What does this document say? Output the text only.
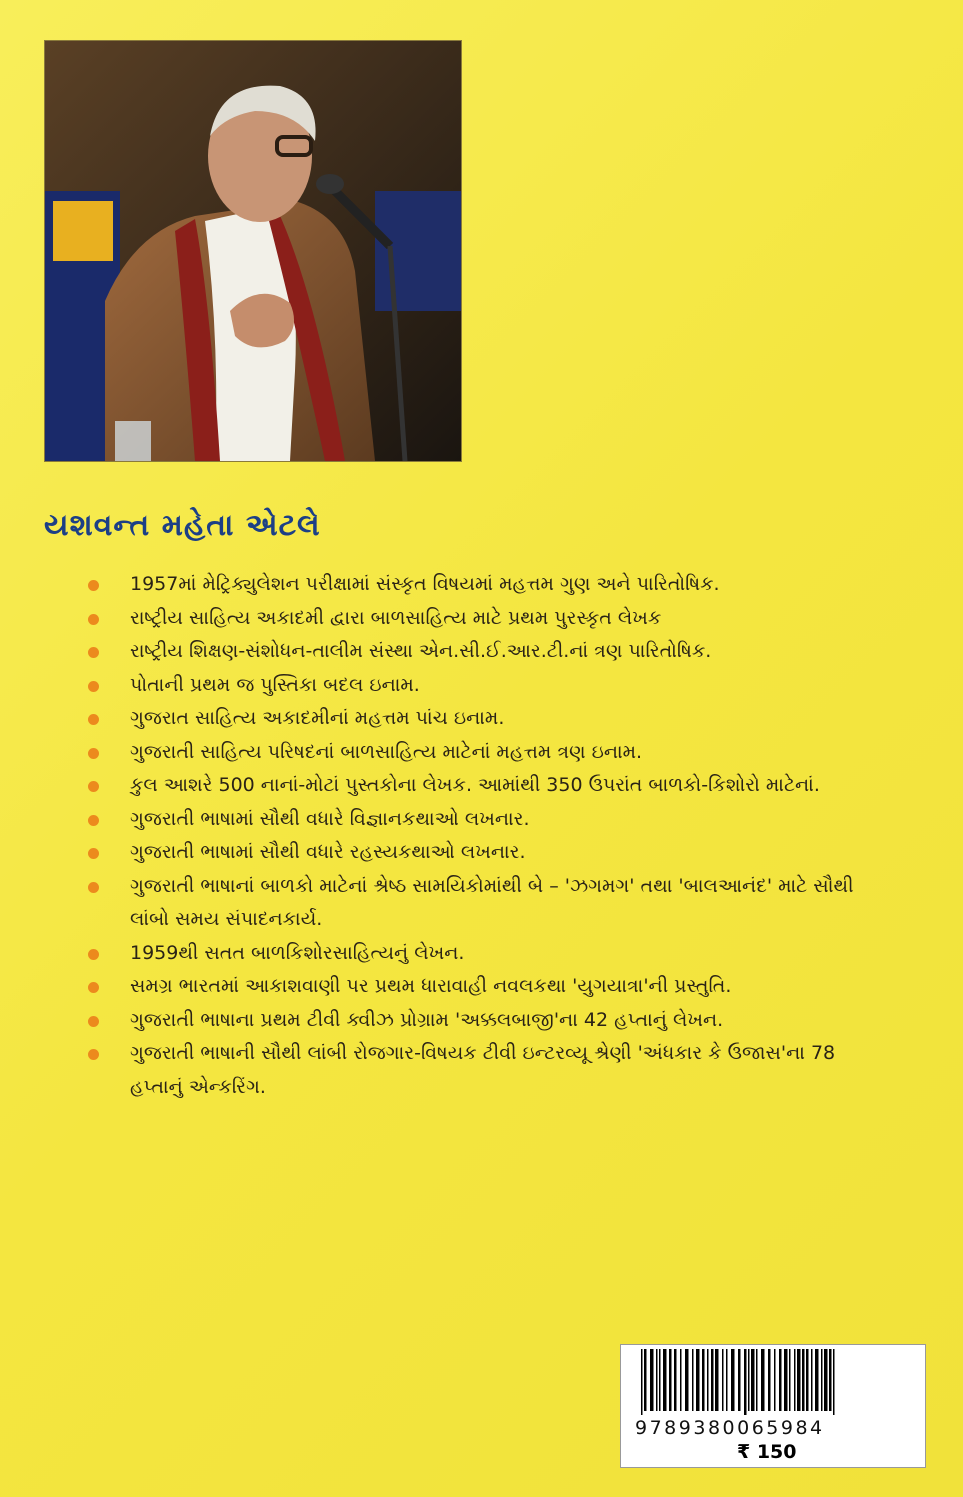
યશવન્ત મહેતા એટલે
1957માં મેટ્રિક્યુલેશન પરીક્ષામાં સંસ્કૃત વિષયમાં મહત્તમ ગુણ અને પારિતોષિક.
રાષ્ટ્રીય સાહિત્ય અકાદમી દ્વારા બાળસાહિત્ય માટે પ્રથમ પુરસ્કૃત લેખક
રાષ્ટ્રીય શિક્ષણ-સંશોધન-તાલીમ સંસ્થા એન.સી.ઈ.આર.ટી.નાં ત્રણ પારિતોષિક.
પોતાની પ્રથમ જ પુસ્તિકા બદલ ઇનામ.
ગુજરાત સાહિત્ય અકાદમીનાં મહત્તમ પાંચ ઇનામ.
ગુજરાતી સાહિત્ય પરિષદનાં બાળસાહિત્ય માટેનાં મહત્તમ ત્રણ ઇનામ.
કુલ આશરે 500 નાનાં-મોટાં પુસ્તકોના લેખક. આમાંથી 350 ઉપરાંત બાળકો-કિશોરો માટેનાં.
ગુજરાતી ભાષામાં સૌથી વધારે વિજ્ઞાનકથાઓ લખનાર.
ગુજરાતી ભાષામાં સૌથી વધારે રહસ્યકથાઓ લખનાર.
ગુજરાતી ભાષાનાં બાળકો માટેનાં શ્રેષ્ઠ સામયિકોમાંથી બે – 'ઝગમગ' તથા 'બાલઆનંદ' માટે સૌથી લાંબો સમય સંપાદનકાર્ય.
1959થી સતત બાળકિશોરસાહિત્યનું લેખન.
સમગ્ર ભારતમાં આકાશવાણી પર પ્રથમ ધારાવાહી નવલકથા 'યુગયાત્રા'ની પ્રસ્તુતિ.
ગુજરાતી ભાષાના પ્રથમ ટીવી ક્વીઝ પ્રોગ્રામ 'અક્કલબાજી'ના 42 હપ્તાનું લેખન.
ગુજરાતી ભાષાની સૌથી લાંબી રોજગાર-વિષયક ટીવી ઇન્ટરવ્યૂ શ્રેણી 'અંધકાર કે ઉજાસ'ના 78 હપ્તાનું એન્કરિંગ.
9789380065984
₹ 150
